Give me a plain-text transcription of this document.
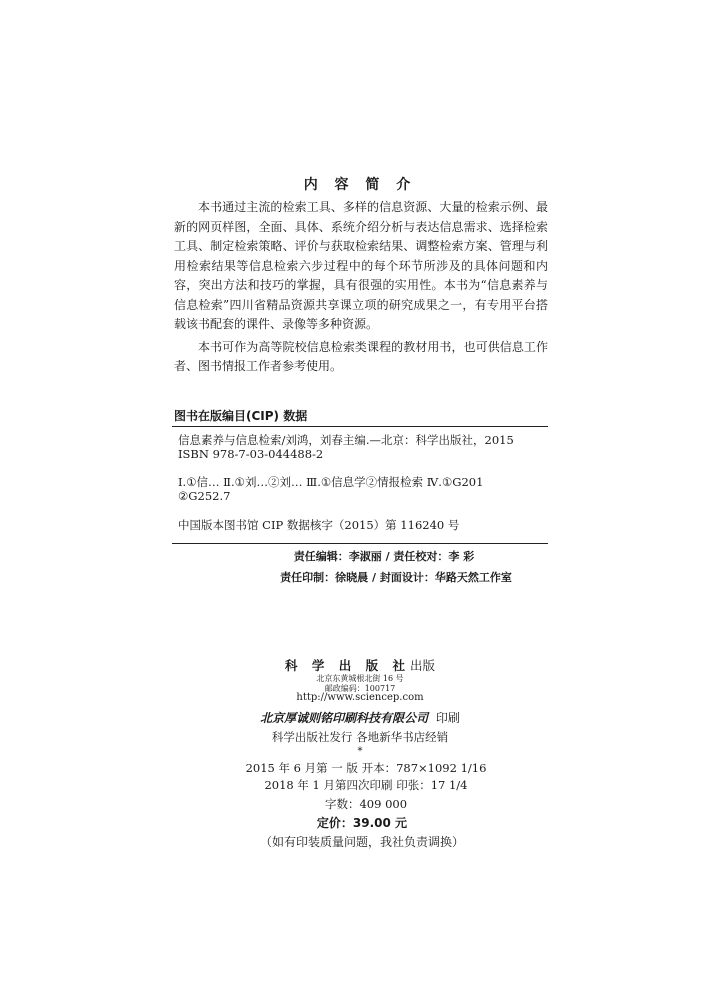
内 容 简 介

本书通过主流的检索工具、多样的信息资源、大量的检索示例、最新的网页样图，全面、具体、系统介绍分析与表达信息需求、选择检索工具、制定检索策略、评价与获取检索结果、调整检索方案、管理与利用检索结果等信息检索六步过程中的每个环节所涉及的具体问题和内容，突出方法和技巧的掌握，具有很强的实用性。本书为“信息素养与信息检索”四川省精品资源共享课立项的研究成果之一，有专用平台搭载该书配套的课件、录像等多种资源。

本书可作为高等院校信息检索类课程的教材用书，也可供信息工作者、图书情报工作者参考使用。

图书在版编目(CIP) 数据
信息素养与信息检索/刘鸿，刘春主编.—北京：科学出版社，2015
ISBN 978-7-03-044488-2
Ⅰ.①信… Ⅱ.①刘…②刘… Ⅲ.①信息学②情报检索 Ⅳ.①G201
②G252.7
中国版本图书馆 CIP 数据核字（2015）第 116240 号
责任编辑：李淑丽 / 责任校对：李 彩
责任印制：徐晓晨 / 封面设计：华路天然工作室
科 学 出 版 社出版
北京东黄城根北街 16 号
邮政编码：100717
http://www.sciencep.com
北京厚诚则铭印刷科技有限公司 印刷
科学出版社发行 各地新华书店经销
*
2015 年 6 月第 一 版 开本：787×1092 1/16
2018 年 1 月第四次印刷 印张：17 1/4
字数：409 000
定价：39.00 元
（如有印装质量问题，我社负责调换）
